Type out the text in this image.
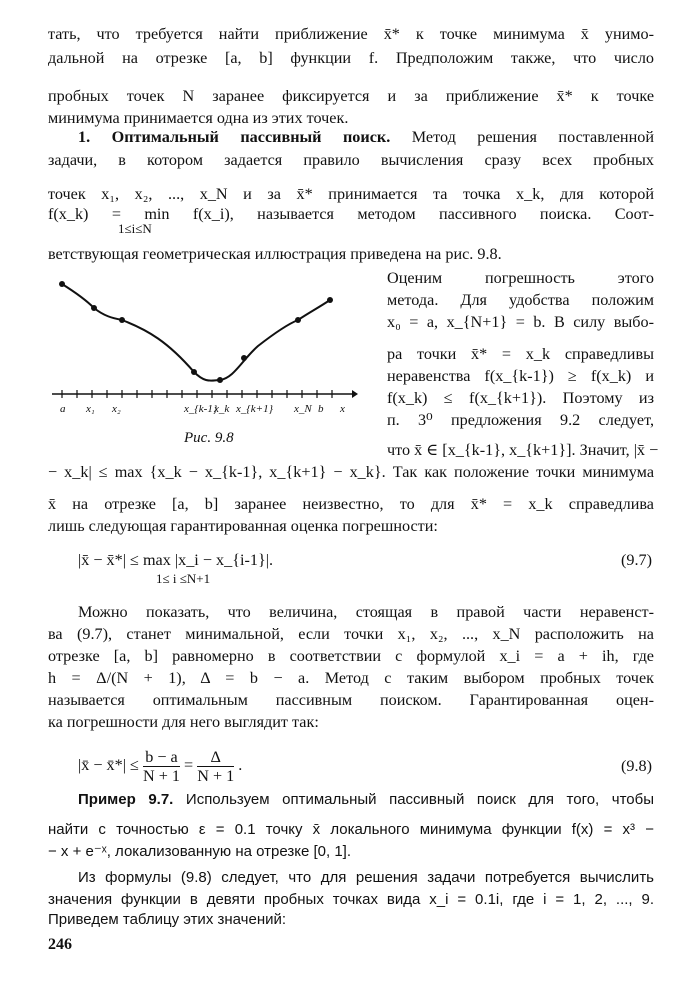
тать, что требуется найти приближение x̄* к точке минимума x̄ унимо-
дальной на отрезке [a, b] функции f. Предположим также, что число
пробных точек N заранее фиксируется и за приближение x̄* к точке
минимума принимается одна из этих точек.
1. Оптимальный пассивный поиск. Метод решения поставленной
задачи, в котором задается правило вычисления сразу всех пробных
точек x₁, x₂, ..., x_N и за x̄* принимается та точка x_k, для которой
f(x_k) = min f(x_i), называется методом пассивного поиска. Соот-
1≤i≤N
ветствующая геометрическая иллюстрация приведена на рис. 9.8.
a x₁ x₂	x_{k-1}
x_k x_{k+1} x_N b x
Рис. 9.8
Оценим погрешность этого
метода. Для удобства положим
x₀ = a, x_{N+1} = b. В силу выбо-
ра точки x̄* = x_k справедливы
неравенства f(x_{k-1}) ≥ f(x_k) и
f(x_k) ≤ f(x_{k+1}). Поэтому из
п. 3⁰ предложения 9.2 следует,
что x̄ ∈ [x_{k-1}, x_{k+1}]. Значит, |x̄ −
− x_k| ≤ max {x_k − x_{k-1}, x_{k+1} − x_k}. Так как положение точки минимума
x̄ на отрезке [a, b] заранее неизвестно, то для x̄* = x_k справедлива
лишь следующая гарантированная оценка погрешности:
|x̄ − x̄*| ≤ max |x_i − x_{i-1}|.
1≤ i ≤N+1
(9.7)
Можно показать, что величина, стоящая в правой части неравенст-
ва (9.7), станет минимальной, если точки x₁, x₂, ..., x_N расположить на
отрезке [a, b] равномерно в соответствии с формулой x_i = a + ih, где
h = Δ/(N + 1), Δ = b − a. Метод с таким выбором пробных точек
называется оптимальным пассивным поиском. Гарантированная оцен-
ка погрешности для него выглядит так:
|x̄ − x̄*| ≤ $\frac{b - a}{N + 1} = \frac{\Delta}{N + 1}$ .	(9.8)
Пример 9.7. Используем оптимальный пассивный поиск для того, чтобы
найти с точностью ε = 0.1 точку x̄ локального минимума функции f(x) = x³ −
− x + e⁻ˣ, локализованную на отрезке [0, 1].
Из формулы (9.8) следует, что для решения задачи потребуется вычислить
значения функции в девяти пробных точках вида x_i = 0.1i, где i = 1, 2, ..., 9.
Приведем таблицу этих значений:
246
